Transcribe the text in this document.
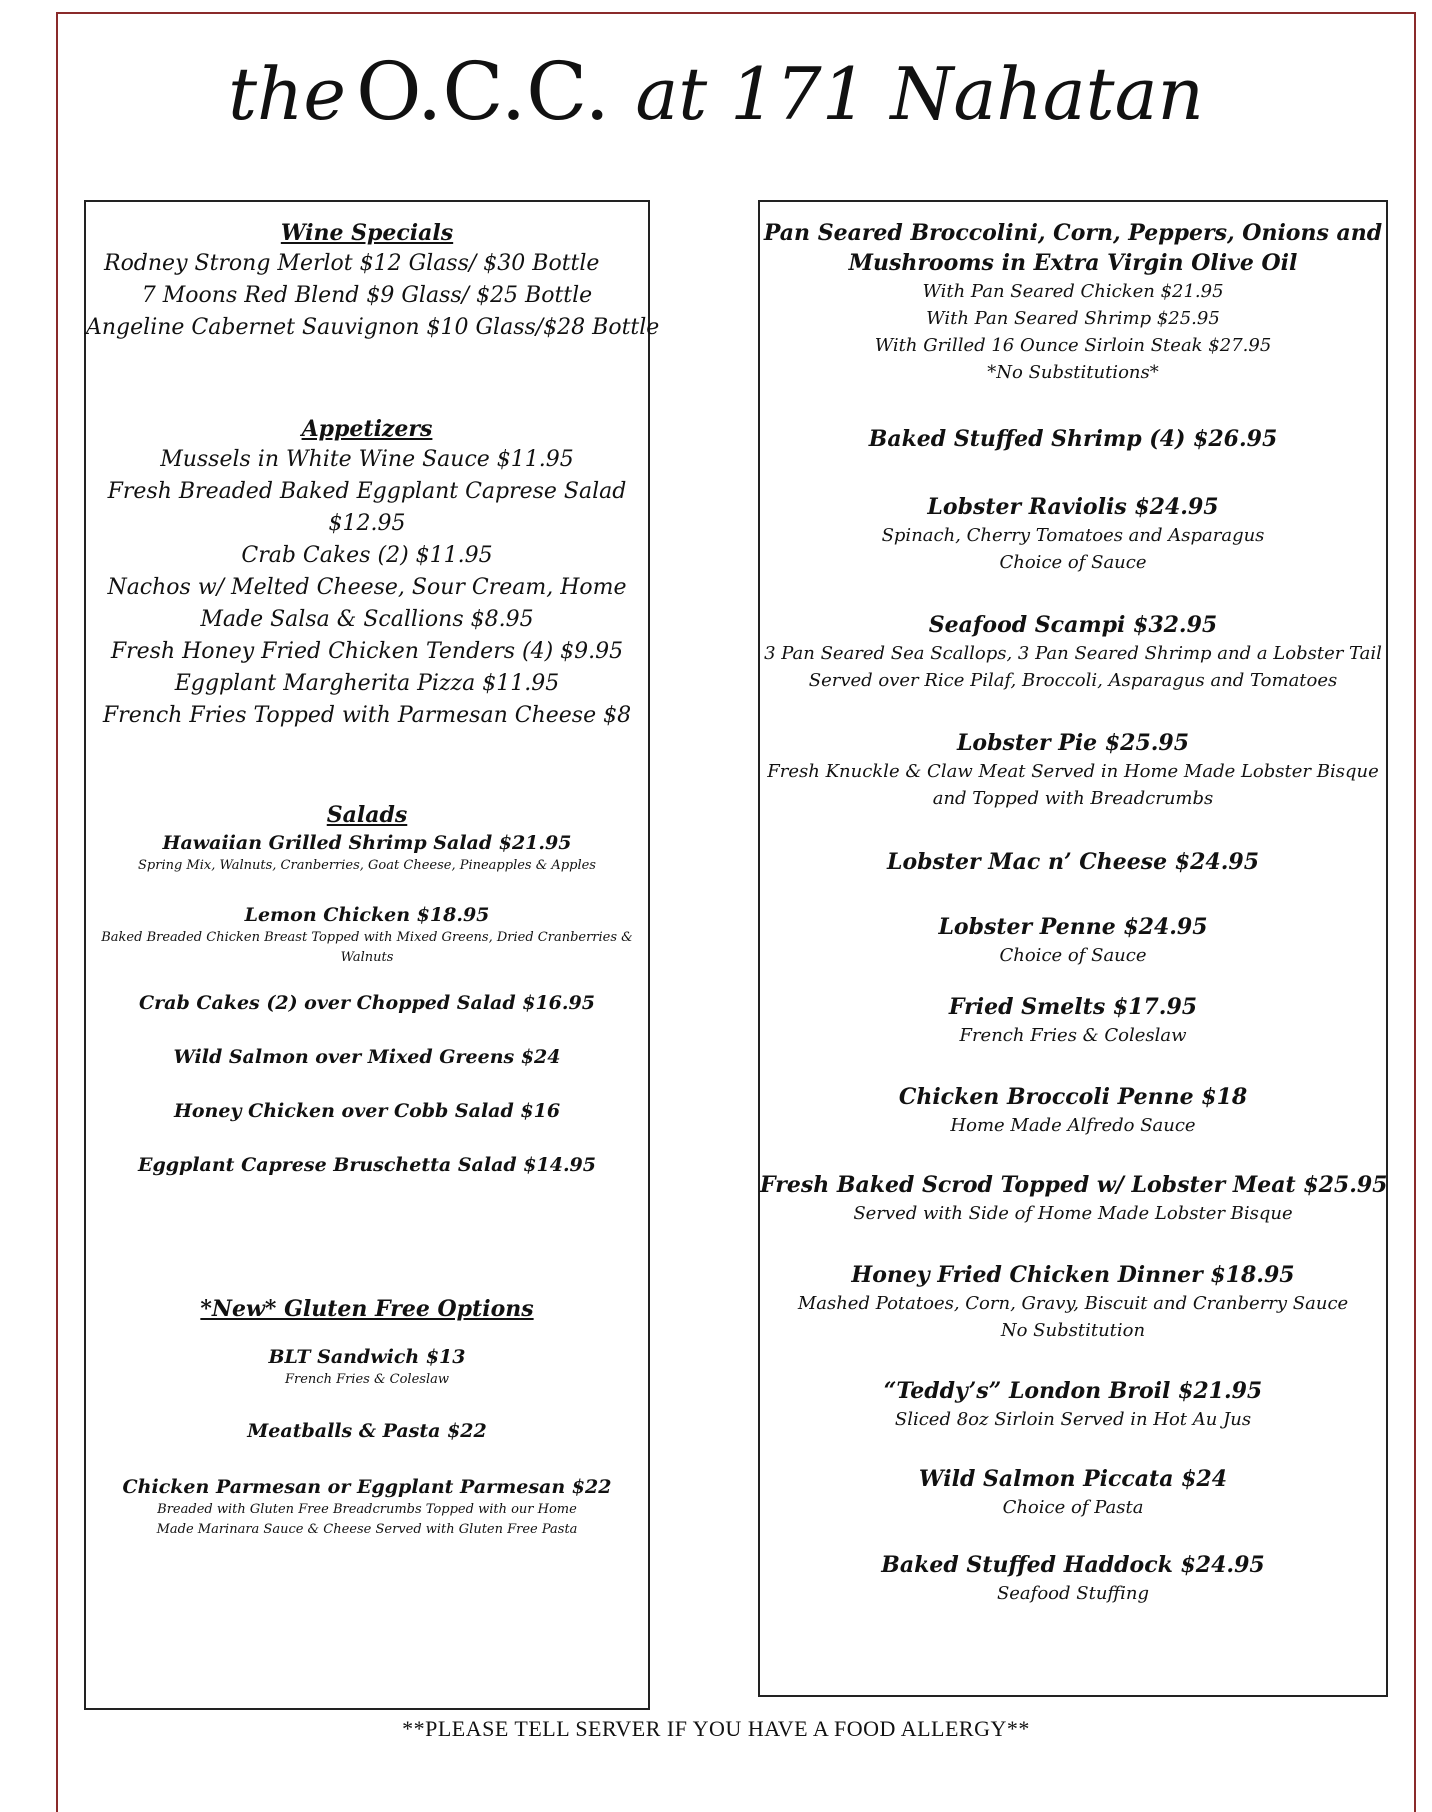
the O.C.C. at 171 Nahatan
Wine Specials
Rodney Strong Merlot $12 Glass/ $30 Bottle
7 Moons Red Blend $9 Glass/ $25 Bottle
Angeline Cabernet Sauvignon $10 Glass/$28 Bottle
Appetizers
Mussels in White Wine Sauce $11.95
Fresh Breaded Baked Eggplant Caprese Salad
$12.95
Crab Cakes (2) $11.95
Nachos w/ Melted Cheese, Sour Cream, Home
Made Salsa & Scallions $8.95
Fresh Honey Fried Chicken Tenders (4) $9.95
Eggplant Margherita Pizza $11.95
French Fries Topped with Parmesan Cheese $8
Salads
Hawaiian Grilled Shrimp Salad $21.95
Spring Mix, Walnuts, Cranberries, Goat Cheese, Pineapples & Apples
Lemon Chicken $18.95
Baked Breaded Chicken Breast Topped with Mixed Greens, Dried Cranberries & Walnuts
Crab Cakes (2) over Chopped Salad $16.95
Wild Salmon over Mixed Greens $24
Honey Chicken over Cobb Salad $16
Eggplant Caprese Bruschetta Salad $14.95
*New* Gluten Free Options
BLT Sandwich $13
French Fries & Coleslaw
Meatballs & Pasta $22
Chicken Parmesan or Eggplant Parmesan $22
Breaded with Gluten Free Breadcrumbs Topped with our Home Made Marinara Sauce & Cheese Served with Gluten Free Pasta
Pan Seared Broccolini, Corn, Peppers, Onions and
Mushrooms in Extra Virgin Olive Oil
With Pan Seared Chicken $21.95
With Pan Seared Shrimp $25.95
With Grilled 16 Ounce Sirloin Steak $27.95
*No Substitutions*
Baked Stuffed Shrimp (4) $26.95
Lobster Raviolis $24.95
Spinach, Cherry Tomatoes and Asparagus
Choice of Sauce
Seafood Scampi $32.95
3 Pan Seared Sea Scallops, 3 Pan Seared Shrimp and a Lobster Tail
Served over Rice Pilaf, Broccoli, Asparagus and Tomatoes
Lobster Pie $25.95
Fresh Knuckle & Claw Meat Served in Home Made Lobster Bisque
and Topped with Breadcrumbs
Lobster Mac n’ Cheese $24.95
Lobster Penne $24.95
Choice of Sauce
Fried Smelts $17.95
French Fries & Coleslaw
Chicken Broccoli Penne $18
Home Made Alfredo Sauce
Fresh Baked Scrod Topped w/ Lobster Meat $25.95
Served with Side of Home Made Lobster Bisque
Honey Fried Chicken Dinner $18.95
Mashed Potatoes, Corn, Gravy, Biscuit and Cranberry Sauce
No Substitution
“Teddy’s” London Broil $21.95
Sliced 8oz Sirloin Served in Hot Au Jus
Wild Salmon Piccata $24
Choice of Pasta
Baked Stuffed Haddock $24.95
Seafood Stuffing
**PLEASE TELL SERVER IF YOU HAVE A FOOD ALLERGY**
